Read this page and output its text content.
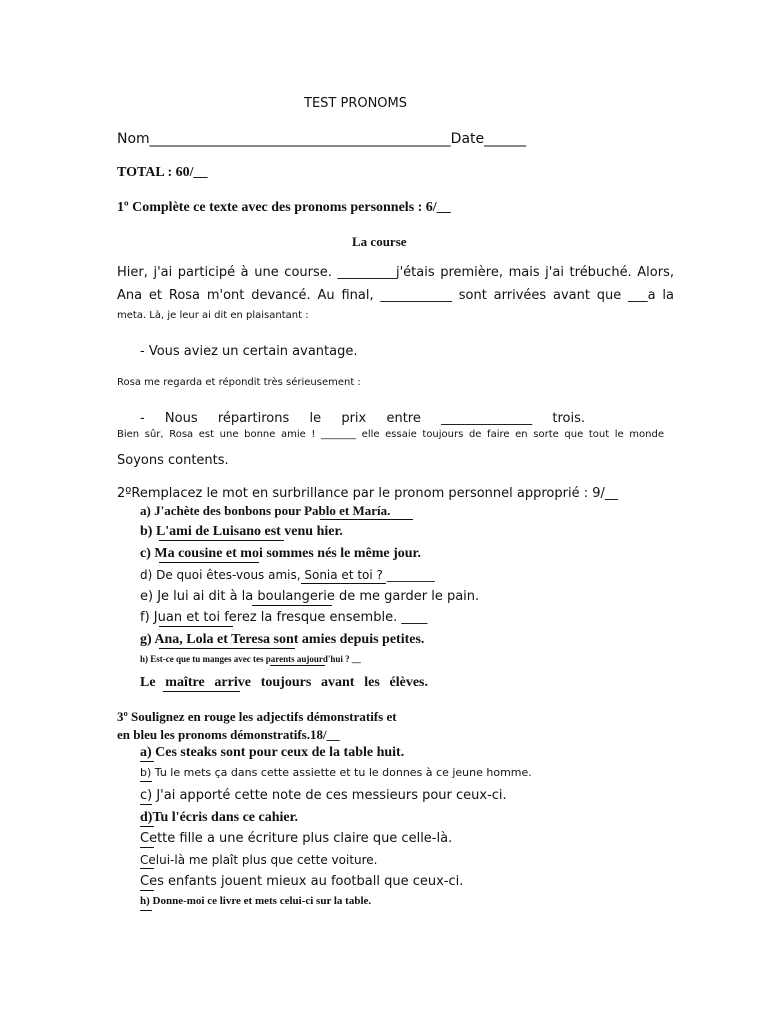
TEST PRONOMS
Nom___________________________________________Date______
TOTAL : 60/__
1º Complète ce texte avec des pronoms personnels : 6/__
La course
Hier, j'ai participé à une course. _________j'étais première, mais j'ai trébuché. Alors,
Ana et Rosa m'ont devancé. Au final, ___________ sont arrivées avant que ___a la
meta. Là, je leur ai dit en plaisantant :
- Vous aviez un certain avantage.
Rosa me regarda et répondit très sérieusement :
- Nous répartirons le prix entre ______________ trois.
Bien sûr, Rosa est une bonne amie ! _______ elle essaie toujours de faire en sorte que tout le monde
Soyons contents.
2ºRemplacez le mot en surbrillance par le pronom personnel approprié : 9/__
a) J'achète des bonbons pour Pablo et María.
b) L'ami de Luisano est venu hier.
c) Ma cousine et moi sommes nés le même jour.
d) De quoi êtes-vous amis, Sonia et toi ? ________
e) Je lui ai dit à la boulangerie de me garder le pain.
f) Juan et toi ferez la fresque ensemble. ____
g) Ana, Lola et Teresa sont amies depuis petites.
h) Est-ce que tu manges avec tes parents aujourd'hui ? __
Le maître arrive toujours avant les élèves.
3º Soulignez en rouge les adjectifs démonstratifs et
en bleu les pronoms démonstratifs.18/__
a) Ces steaks sont pour ceux de la table huit.
b) Tu le mets ça dans cette assiette et tu le donnes à ce jeune homme.
c) J'ai apporté cette note de ces messieurs pour ceux-ci.
d)Tu l'écris dans ce cahier.
Cette fille a une écriture plus claire que celle-là.
Celui-là me plaît plus que cette voiture.
Ces enfants jouent mieux au football que ceux-ci.
h) Donne-moi ce livre et mets celui-ci sur la table.
